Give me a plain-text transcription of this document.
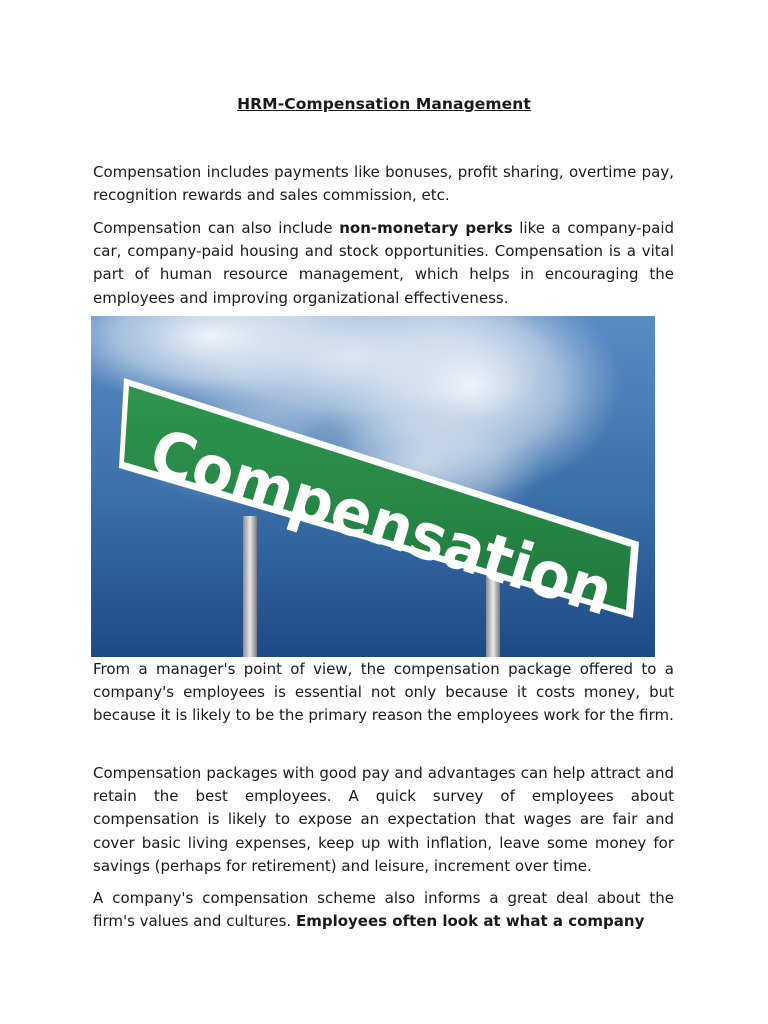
HRM-Compensation Management

Compensation includes payments like bonuses, profit sharing, overtime pay, recognition rewards and sales commission, etc.

Compensation can also include non-monetary perks like a company-paid car, company-paid housing and stock opportunities. Compensation is a vital part of human resource management, which helps in encouraging the employees and improving organizational effectiveness.

Compensation

From a manager's point of view, the compensation package offered to a company's employees is essential not only because it costs money, but because it is likely to be the primary reason the employees work for the firm.

Compensation packages with good pay and advantages can help attract and retain the best employees. A quick survey of employees about compensation is likely to expose an expectation that wages are fair and cover basic living expenses, keep up with inflation, leave some money for savings (perhaps for retirement) and leisure, increment over time.

A company's compensation scheme also informs a great deal about the firm's values and cultures. Employees often look at what a company
